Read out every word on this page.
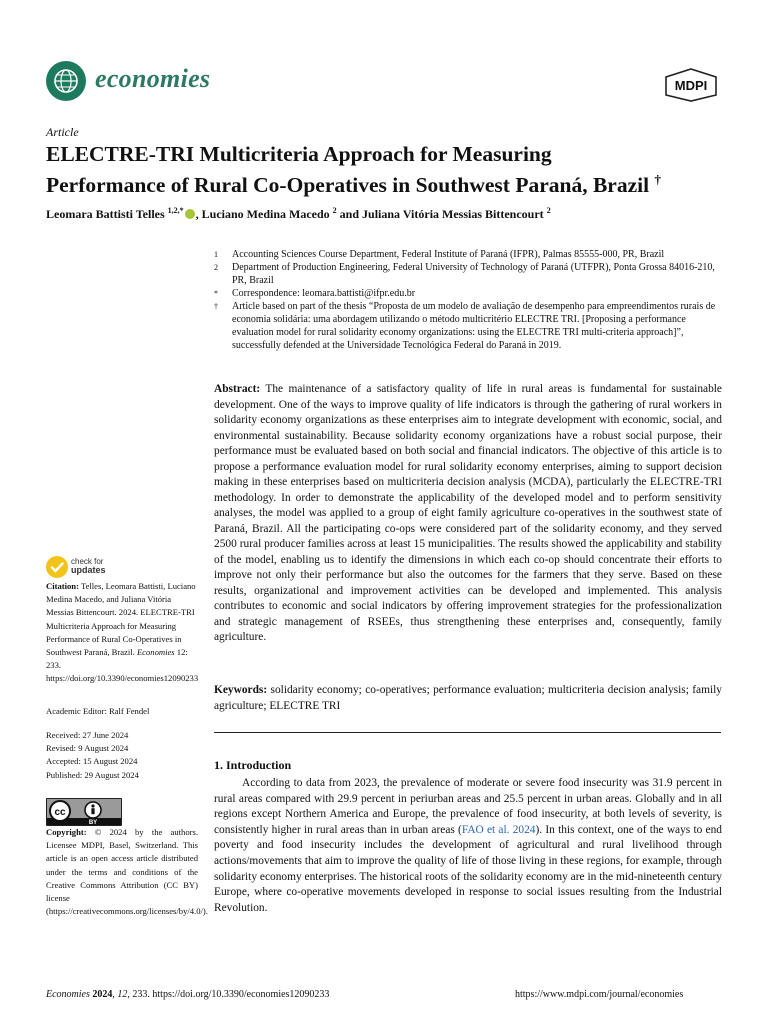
economies	MDPI
Article
ELECTRE-TRI Multicriteria Approach for Measuring
Performance of Rural Co-Operatives in Southwest Paraná, Brazil †
Leomara Battisti Telles $^{1,2,*}$ , Luciano Medina Macedo $^2$ and Juliana Vitória Messias Bittencourt $^2$
1	Accounting Sciences Course Department, Federal Institute of Paraná (IFPR), Palmas 85555-000, PR, Brazil
2	Department of Production Engineering, Federal University of Technology of Paraná (UTFPR), Ponta Grossa 84016-210, PR, Brazil
*	Correspondence: leomara.battisti@ifpr.edu.br
†	Article based on part of the thesis “Proposta de um modelo de avaliação de desempenho para empreendimentos rurais de economia solidária: uma abordagem utilizando o método multicritério ELECTRE TRI. [Proposing a performance evaluation model for rural solidarity economy organizations: using the ELECTRE TRI multi-criteria approach]”, successfully defended at the Universidade Tecnológica Federal do Paraná in 2019.
Abstract: The maintenance of a satisfactory quality of life in rural areas is fundamental for sustainable development. One of the ways to improve quality of life indicators is through the gathering of rural workers in solidarity economy organizations as these enterprises aim to integrate development with economic, social, and environmental sustainability. Because solidarity economy organizations have a robust social purpose, their performance must be evaluated based on both social and financial indicators. The objective of this article is to propose a performance evaluation model for rural solidarity economy enterprises, aiming to support decision making in these enterprises based on multicriteria decision analysis (MCDA), particularly the ELECTRE-TRI methodology. In order to demonstrate the applicability of the developed model and to perform sensitivity analyses, the model was applied to a group of eight family agriculture co-operatives in the southwest state of Paraná, Brazil. All the participating co-ops were considered part of the solidarity economy, and they served 2500 rural producer families across at least 15 municipalities. The results showed the applicability and stability of the model, enabling us to identify the dimensions in which each co-op should concentrate their efforts to improve not only their performance but also the outcomes for the farmers that they serve. Based on these results, organizational and improvement activities can be developed and implemented. This analysis contributes to economic and social indicators by offering improvement strategies for the professionalization and strategic management of RSEEs, thus strengthening these enterprises and, consequently, family agriculture.
Keywords: solidarity economy; co-operatives; performance evaluation; multicriteria decision analysis; family agriculture; ELECTRE TRI
1. Introduction
According to data from 2023, the prevalence of moderate or severe food insecurity was 31.9 percent in rural areas compared with 29.9 percent in periurban areas and 25.5 percent in urban areas. Globally and in all regions except Northern America and Europe, the prevalence of food insecurity, at both levels of severity, is consistently higher in rural areas than in urban areas (FAO et al. 2024). In this context, one of the ways to end poverty and food insecurity includes the development of agricultural and rural livelihood through actions/movements that aim to improve the quality of life of those living in these regions, for example, through solidarity economy enterprises. The historical roots of the solidarity economy are in the mid-nineteenth century Europe, where co-operative movements developed in response to social issues resulting from the Industrial Revolution.
check for
updates
Citation: Telles, Leomara Battisti, Luciano Medina Macedo, and Juliana Vitória Messias Bittencourt. 2024. ELECTRE-TRI Multicriteria Approach for Measuring Performance of Rural Co-Operatives in Southwest Paraná, Brazil. Economies 12: 233. https://doi.org/10.3390/economies12090233
Academic Editor: Ralf Fendel
Received: 27 June 2024
Revised: 9 August 2024
Accepted: 15 August 2024
Published: 29 August 2024
cc
BY
Copyright: © 2024 by the authors. Licensee MDPI, Basel, Switzerland. This article is an open access article distributed under the terms and conditions of the Creative Commons Attribution (CC BY) license (https://creativecommons.org/licenses/by/4.0/).
Economies 2024, 12, 233. https://doi.org/10.3390/economies12090233	https://www.mdpi.com/journal/economies
